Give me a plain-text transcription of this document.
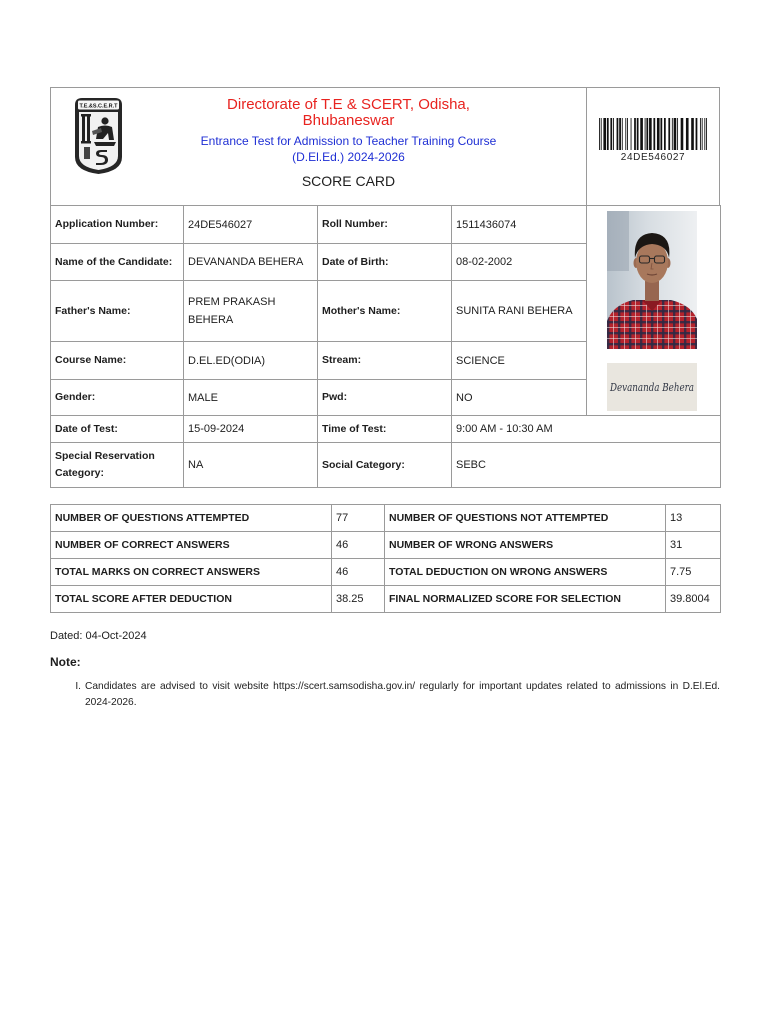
T.E.&S.C.E.R.T	Directorate of T.E & SCERT, Odisha,
Bhubaneswar
Entrance Test for Admission to Teacher Training Course
(D.El.Ed.) 2024-2026
SCORE CARD
24DE546027
Application Number:	24DE546027	Roll Number:	1511436074	Devananda Behera

Name of the Candidate:	DEVANANDA BEHERA	Date of Birth:	08-02-2002	
Father's Name:	PREM PRAKASH BEHERA	Mother's Name:	SUNITA RANI BEHERA	
Course Name:	D.EL.ED(ODIA)	Stream:	SCIENCE	
Gender:	MALE	Pwd:	NO	
Date of Test:	15-09-2024	Time of Test:	9:00 AM - 10:30 AM	
Special Reservation Category:	NA	Social Category:	SEBC	
NUMBER OF QUESTIONS ATTEMPTED	77	NUMBER OF QUESTIONS NOT ATTEMPTED	13
NUMBER OF CORRECT ANSWERS	46	NUMBER OF WRONG ANSWERS	31
TOTAL MARKS ON CORRECT ANSWERS	46	TOTAL DEDUCTION ON WRONG ANSWERS	7.75
TOTAL SCORE AFTER DEDUCTION	38.25	FINAL NORMALIZED SCORE FOR SELECTION	39.8004
Dated: 04-Oct-2024
Note:
I. Candidates are advised to visit website https://scert.samsodisha.gov.in/ regularly for important updates related to admissions in D.El.Ed. 2024-2026.
